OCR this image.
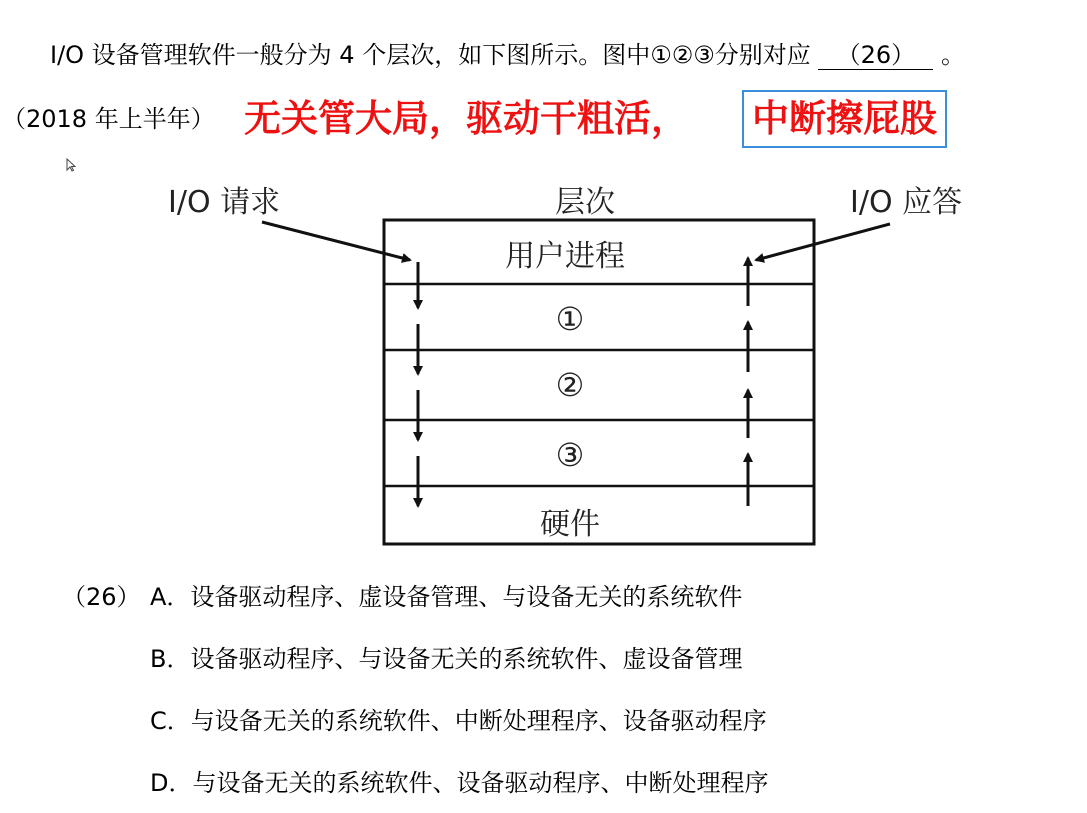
I/O 设备管理软件一般分为 4 个层次，如下图所示。图中①②③分别对应 （26） 。
（2018 年上半年） 无关管大局，驱动干粗活， 中断擦屁股
I/O 请求	层次	I/O 应答
用户进程
①
②
③
硬件
（26） A．设备驱动程序、虚设备管理、与设备无关的系统软件
B．设备驱动程序、与设备无关的系统软件、虚设备管理
C．与设备无关的系统软件、中断处理程序、设备驱动程序
D．与设备无关的系统软件、设备驱动程序、中断处理程序
